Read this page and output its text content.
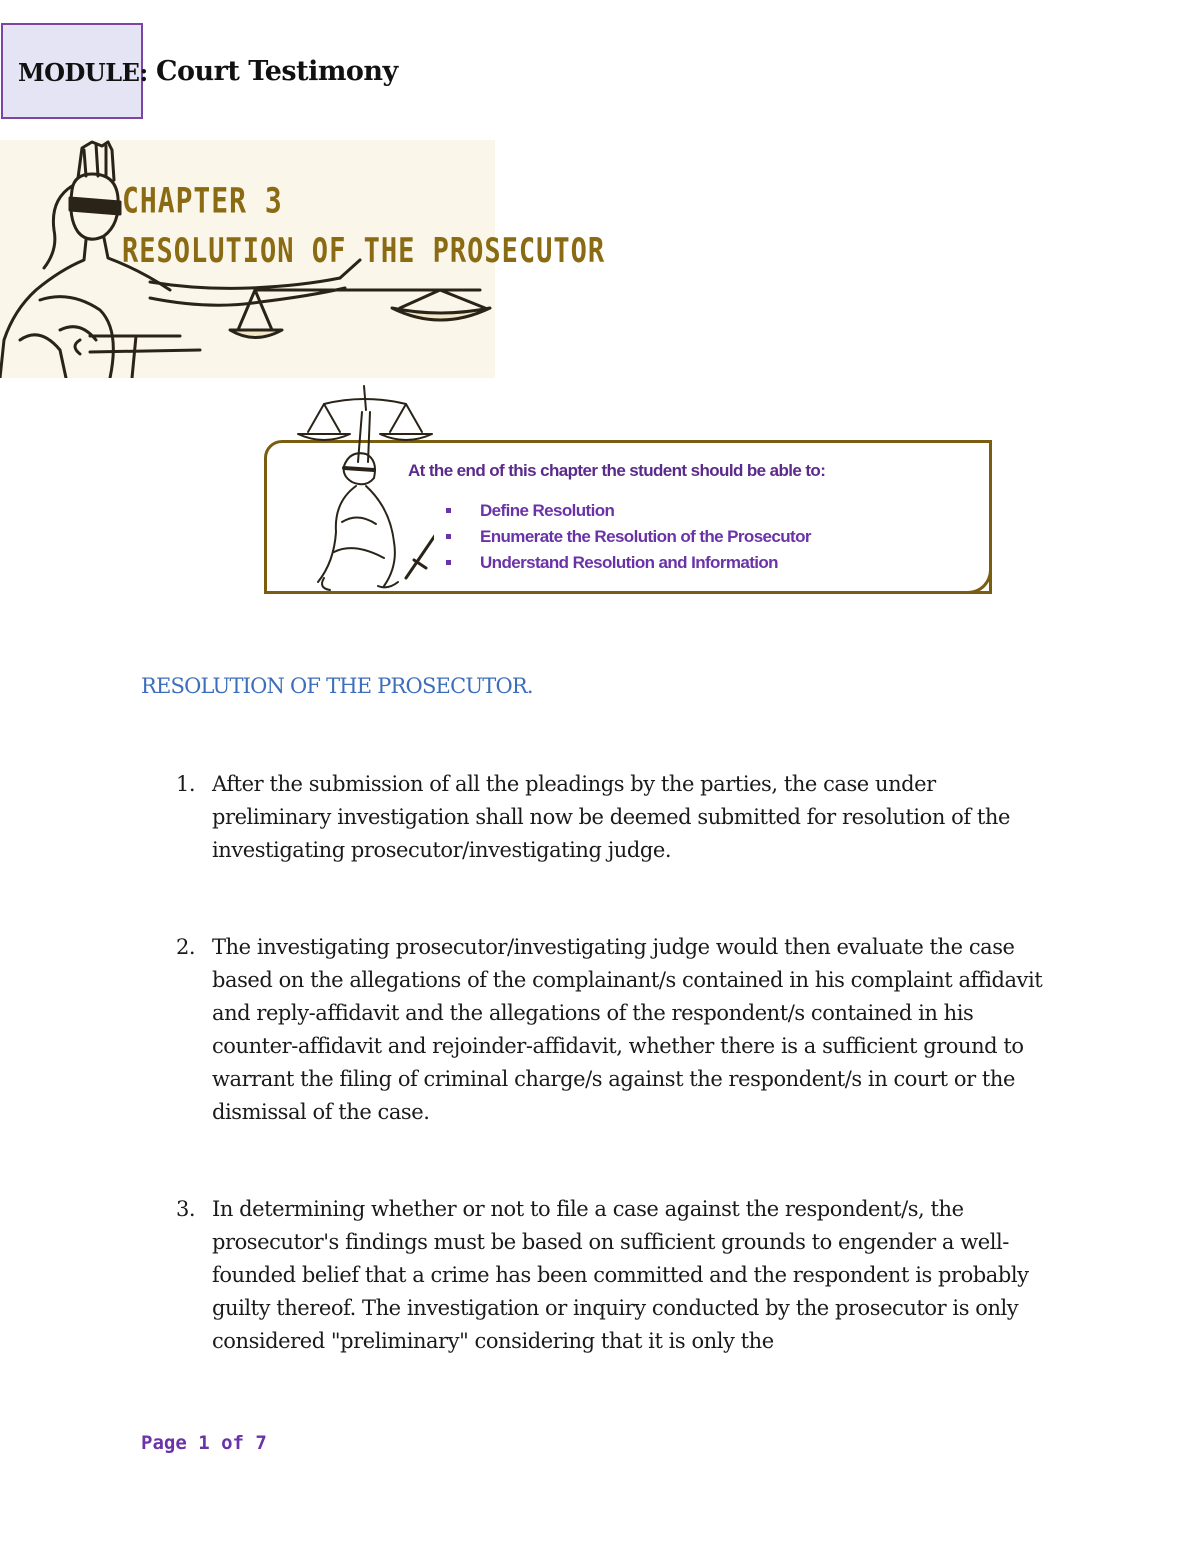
MODULE: Court Testimony
CHAPTER 3
RESOLUTION OF THE PROSECUTOR
At the end of this chapter the student should be able to:
Define Resolution
Enumerate the Resolution of the Prosecutor
Understand Resolution and Information
RESOLUTION OF THE PROSECUTOR.
1. After the submission of all the pleadings by the parties, the case under preliminary investigation shall now be deemed submitted for resolution of the investigating prosecutor/investigating judge.
2. The investigating prosecutor/investigating judge would then evaluate the case based on the allegations of the complainant/s contained in his complaint affidavit and reply-affidavit and the allegations of the respondent/s contained in his counter-affidavit and rejoinder-affidavit, whether there is a sufficient ground to warrant the filing of criminal charge/s against the respondent/s in court or the dismissal of the case.
3. In determining whether or not to file a case against the respondent/s, the prosecutor's findings must be based on sufficient grounds to engender a well-founded belief that a crime has been committed and the respondent is probably guilty thereof. The investigation or inquiry conducted by the prosecutor is only considered "preliminary" considering that it is only the
Page 1 of 7
